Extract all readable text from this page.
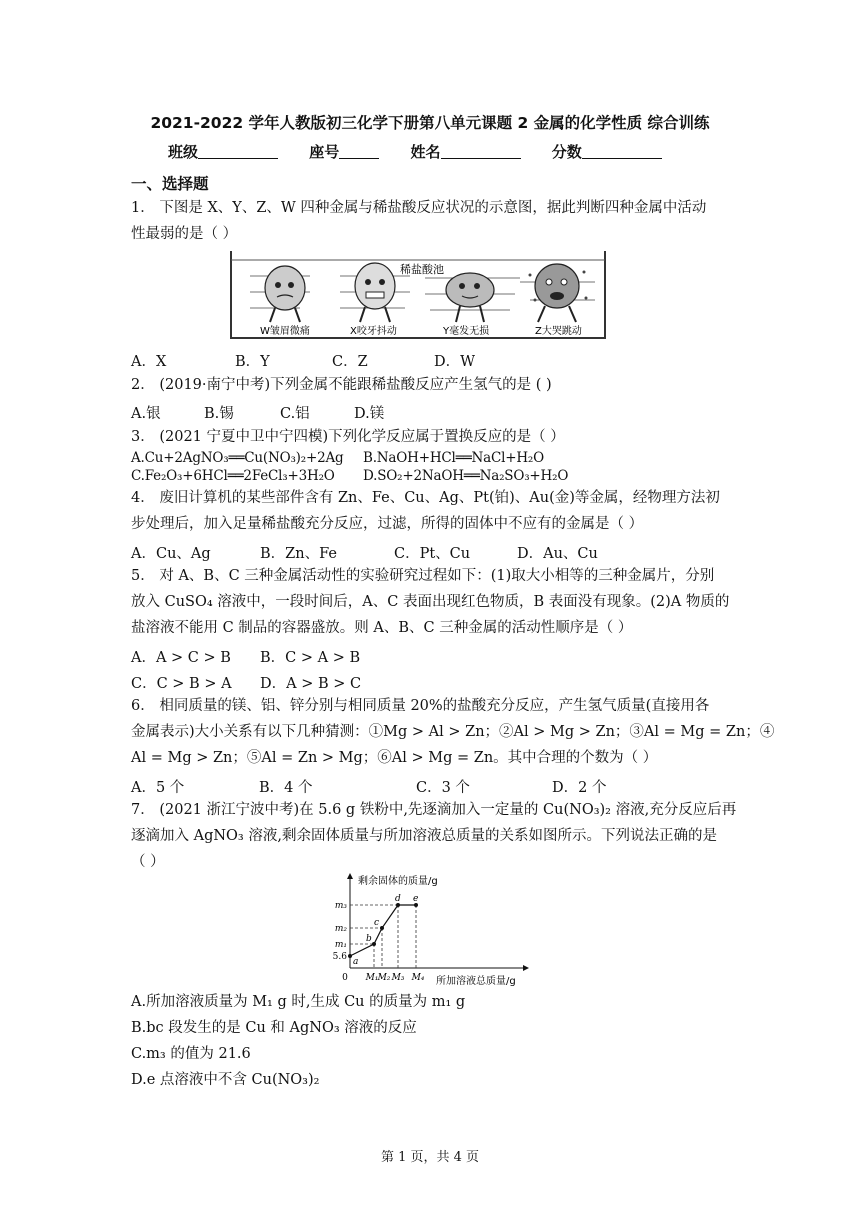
2021-2022 学年人教版初三化学下册第八单元课题 2 金属的化学性质 综合训练
班级	座号	姓名	分数
一、选择题
1． 下图是 X、Y、Z、W 四种金属与稀盐酸反应状况的示意图，据此判断四种金属中活动
性最弱的是（ ）
稀盐酸池
W皱眉微痛	X咬牙抖动	Y毫发无损	Z大哭跳动
A．X	B．Y	C．Z	D．W
2． (2019·南宁中考)下列金属不能跟稀盐酸反应产生氢气的是 ( )
A.银	B.锡	C.铝	D.镁
3． (2021 宁夏中卫中宁四模)下列化学反应属于置换反应的是（ ）
A.Cu+2AgNO₃══Cu(NO₃)₂+2Ag B.NaOH+HCl══NaCl+H₂O
C.Fe₂O₃+6HCl══2FeCl₃+3H₂O D.SO₂+2NaOH══Na₂SO₃+H₂O
4． 废旧计算机的某些部件含有 Zn、Fe、Cu、Ag、Pt(铂)、Au(金)等金属，经物理方法初
步处理后，加入足量稀盐酸充分反应，过滤，所得的固体中不应有的金属是（ ）
A．Cu、Ag	B．Zn、Fe	C．Pt、Cu	D．Au、Cu
5． 对 A、B、C 三种金属活动性的实验研究过程如下：(1)取大小相等的三种金属片，分别
放入 CuSO₄ 溶液中，一段时间后，A、C 表面出现红色物质，B 表面没有现象。(2)A 物质的
盐溶液不能用 C 制品的容器盛放。则 A、B、C 三种金属的活动性顺序是（ ）
A．A > C > B B．C > A > B
C．C > B > A D．A > B > C
6． 相同质量的镁、铝、锌分别与相同质量 20%的盐酸充分反应，产生氢气质量(直接用各
金属表示)大小关系有以下几种猜测：①Mg > Al > Zn；②Al > Mg > Zn；③Al = Mg = Zn；④
Al = Mg > Zn；⑤Al = Zn > Mg；⑥Al > Mg = Zn。其中合理的个数为（ ）
A．5 个	B．4 个	C．3 个	D．2 个
7． (2021 浙江宁波中考)在 5.6 g 铁粉中,先逐滴加入一定量的 Cu(NO₃)₂ 溶液,充分反应后再
逐滴加入 AgNO₃ 溶液,剩余固体质量与所加溶液总质量的关系如图所示。下列说法正确的是
（ ）
剩余固体的质量/g
所加溶液总质量/g
a
b
c
d e
m₃
m₂
m₁
5.6
0 M₁ M₂ M₃ M₄
A.所加溶液质量为 M₁ g 时,生成 Cu 的质量为 m₁ g
B.bc 段发生的是 Cu 和 AgNO₃ 溶液的反应
C.m₃ 的值为 21.6
D.e 点溶液中不含 Cu(NO₃)₂
第 1 页，共 4 页
